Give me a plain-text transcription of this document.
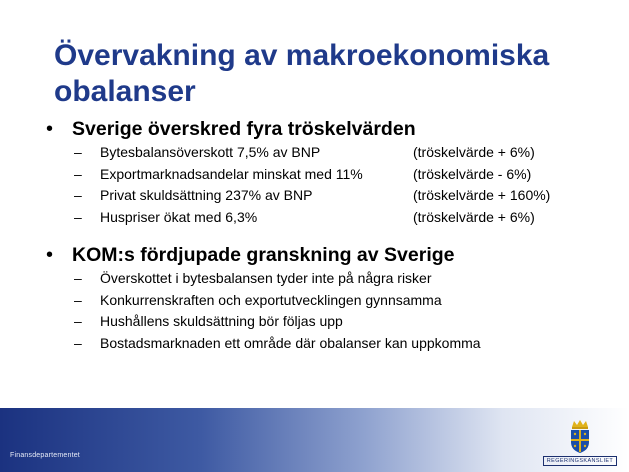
Övervakning av makroekonomiska
obalanser
• Sverige överskred fyra tröskelvärden
–	Bytesbalansöverskott 7,5% av BNP	(tröskelvärde + 6%)
–	Exportmarknadsandelar minskat med 11%	(tröskelvärde - 6%)
–	Privat skuldsättning 237% av BNP	(tröskelvärde + 160%)
–	Huspriser ökat med 6,3%	(tröskelvärde + 6%)
• KOM:s fördjupade granskning av Sverige
–	Överskottet i bytesbalansen tyder inte på några risker
–	Konkurrenskraften och exportutvecklingen gynnsamma
–	Hushållens skuldsättning bör följas upp
–	Bostadsmarknaden ett område där obalanser kan uppkomma
Finansdepartementet
REGERINGSKANSLIET
